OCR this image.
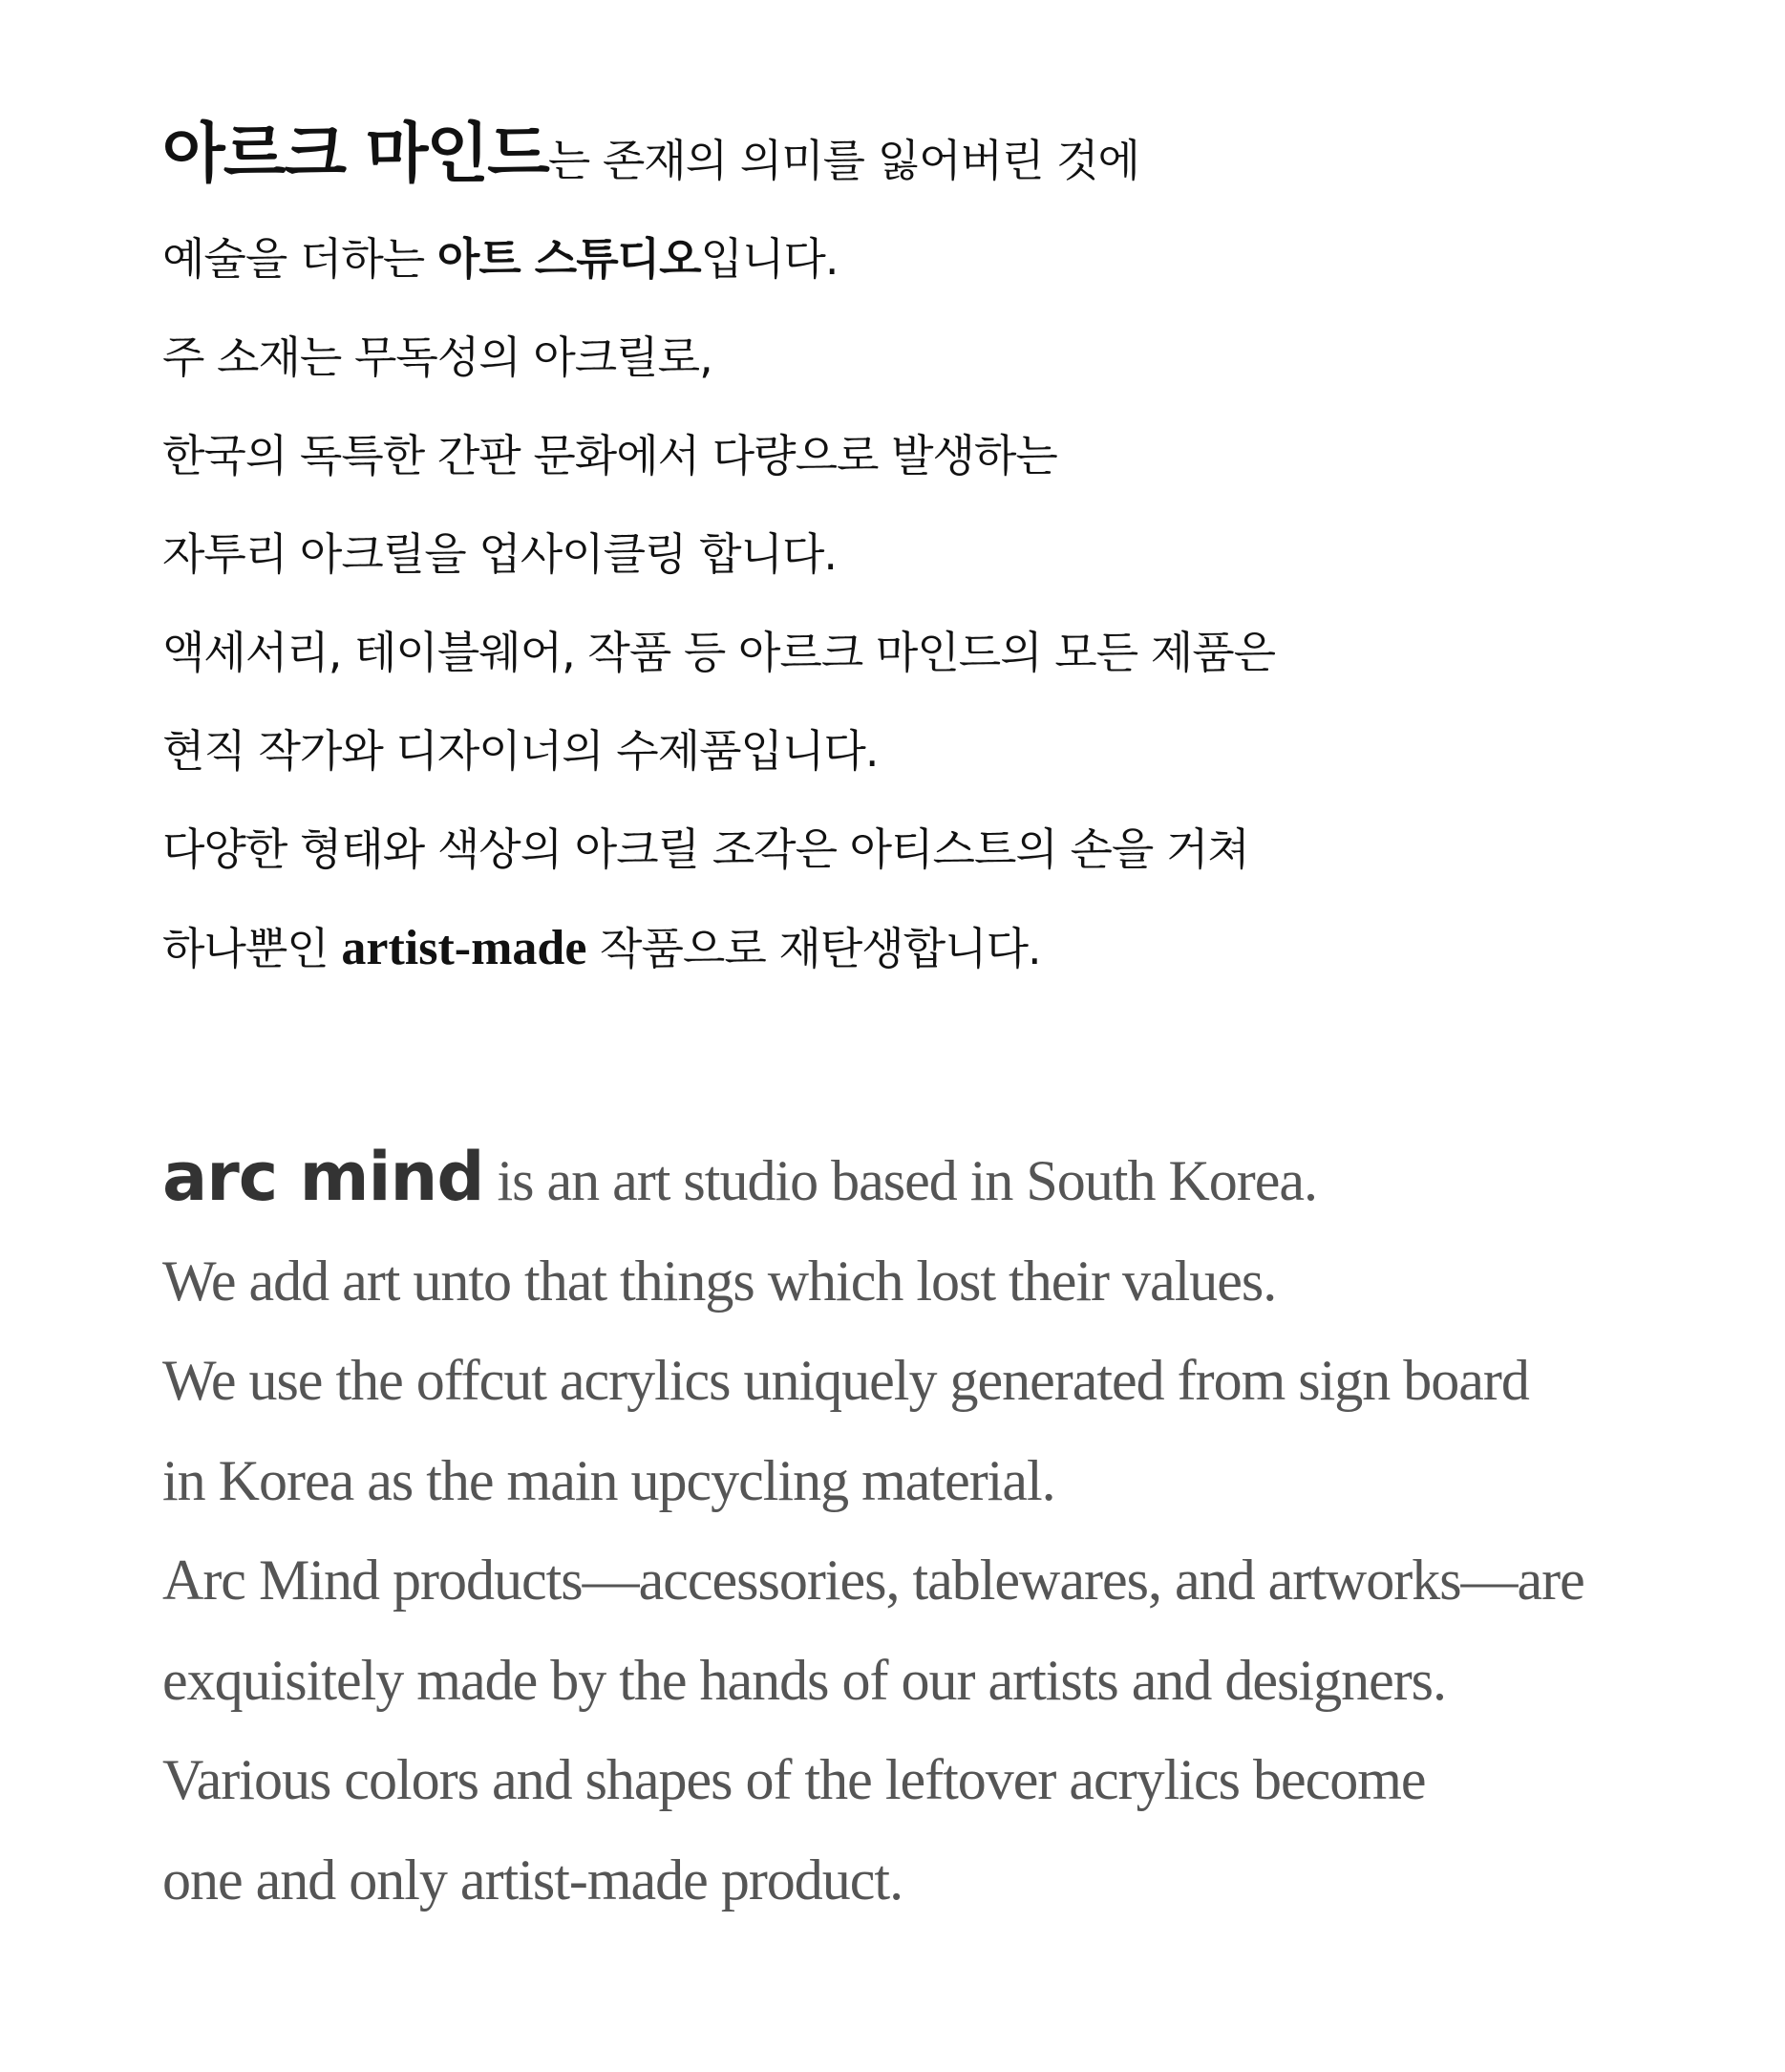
아르크 마인드는 존재의 의미를 잃어버린 것에
예술을 더하는 아트 스튜디오입니다.
주 소재는 무독성의 아크릴로,
한국의 독특한 간판 문화에서 다량으로 발생하는
자투리 아크릴을 업사이클링 합니다.
액세서리, 테이블웨어, 작품 등 아르크 마인드의 모든 제품은
현직 작가와 디자이너의 수제품입니다.
다양한 형태와 색상의 아크릴 조각은 아티스트의 손을 거쳐
하나뿐인 artist-made 작품으로 재탄생합니다.
arc mind is an art studio based in South Korea.
We add art unto that things which lost their values.
We use the offcut acrylics uniquely generated from sign board
in Korea as the main upcycling material.
Arc Mind products—accessories, tablewares, and artworks—are
exquisitely made by the hands of our artists and designers.
Various colors and shapes of the leftover acrylics become
one and only artist-made product.
